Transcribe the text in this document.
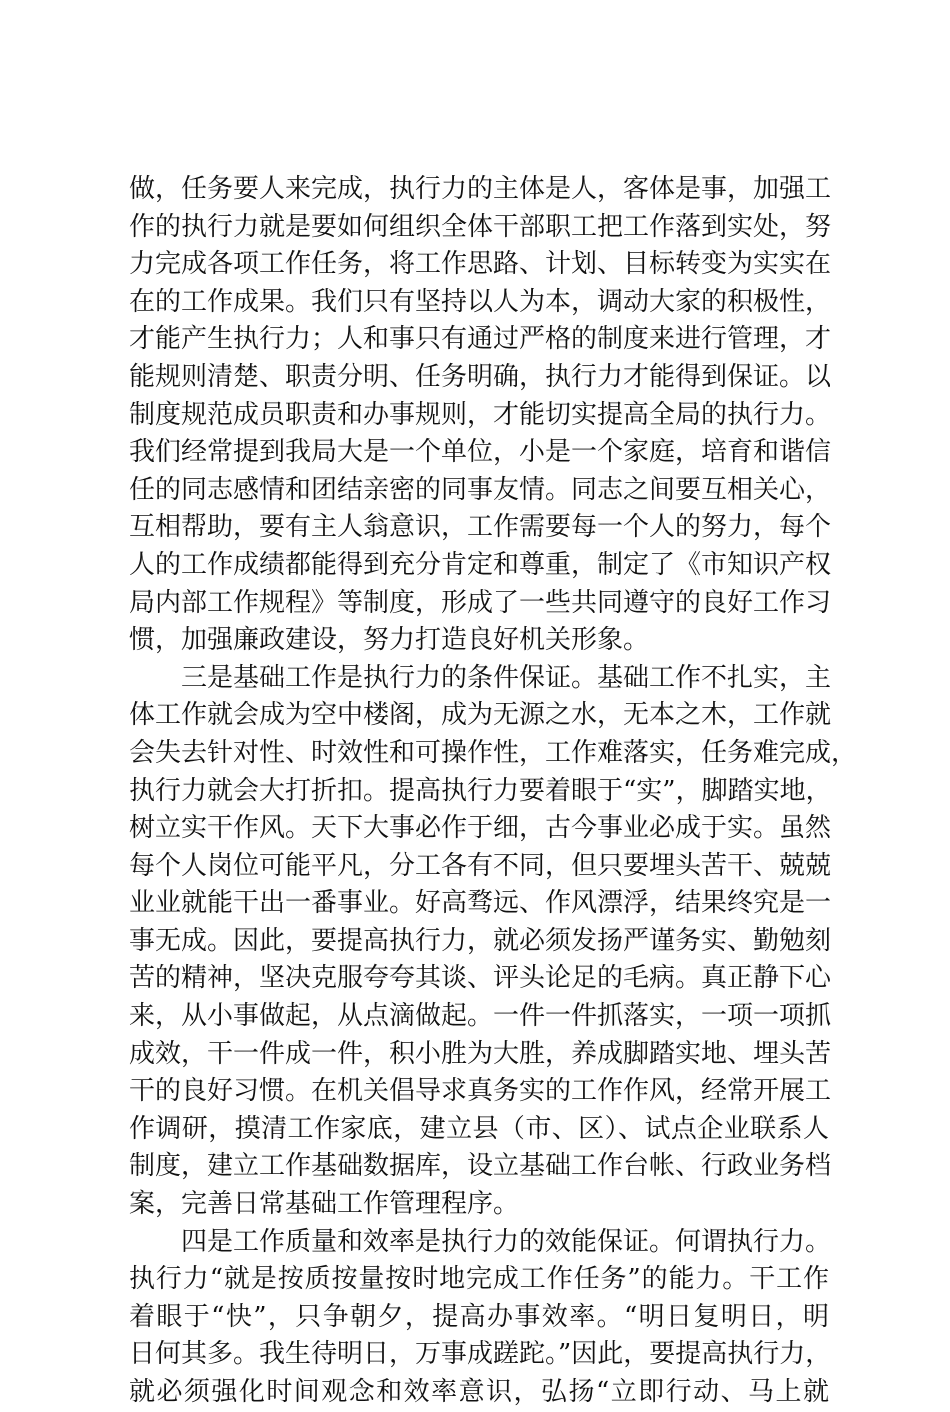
做，任务要人来完成，执行力的主体是人，客体是事，加强工
作的执行力就是要如何组织全体干部职工把工作落到实处，努
力完成各项工作任务，将工作思路、计划、目标转变为实实在
在的工作成果。我们只有坚持以人为本，调动大家的积极性，
才能产生执行力；人和事只有通过严格的制度来进行管理，才
能规则清楚、职责分明、任务明确，执行力才能得到保证。以
制度规范成员职责和办事规则，才能切实提高全局的执行力。
我们经常提到我局大是一个单位，小是一个家庭，培育和谐信
任的同志感情和团结亲密的同事友情。同志之间要互相关心，
互相帮助，要有主人翁意识，工作需要每一个人的努力，每个
人的工作成绩都能得到充分肯定和尊重，制定了《市知识产权
局内部工作规程》等制度，形成了一些共同遵守的良好工作习
惯，加强廉政建设，努力打造良好机关形象。
三是基础工作是执行力的条件保证。基础工作不扎实，主
体工作就会成为空中楼阁，成为无源之水，无本之木，工作就
会失去针对性、时效性和可操作性，工作难落实，任务难完成，
执行力就会大打折扣。提高执行力要着眼于“实”，脚踏实地，
树立实干作风。天下大事必作于细，古今事业必成于实。虽然
每个人岗位可能平凡，分工各有不同，但只要埋头苦干、兢兢
业业就能干出一番事业。好高骛远、作风漂浮，结果终究是一
事无成。因此，要提高执行力，就必须发扬严谨务实、勤勉刻
苦的精神，坚决克服夸夸其谈、评头论足的毛病。真正静下心
来，从小事做起，从点滴做起。一件一件抓落实，一项一项抓
成效，干一件成一件，积小胜为大胜，养成脚踏实地、埋头苦
干的良好习惯。在机关倡导求真务实的工作作风，经常开展工
作调研，摸清工作家底，建立县（市、区）、试点企业联系人
制度，建立工作基础数据库，设立基础工作台帐、行政业务档
案，完善日常基础工作管理程序。
四是工作质量和效率是执行力的效能保证。何谓执行力。
执行力“就是按质按量按时地完成工作任务”的能力。干工作
着眼于“快”，只争朝夕，提高办事效率。“明日复明日，明
日何其多。我生待明日，万事成蹉跎。”因此，要提高执行力，
就必须强化时间观念和效率意识，弘扬“立即行动、马上就
